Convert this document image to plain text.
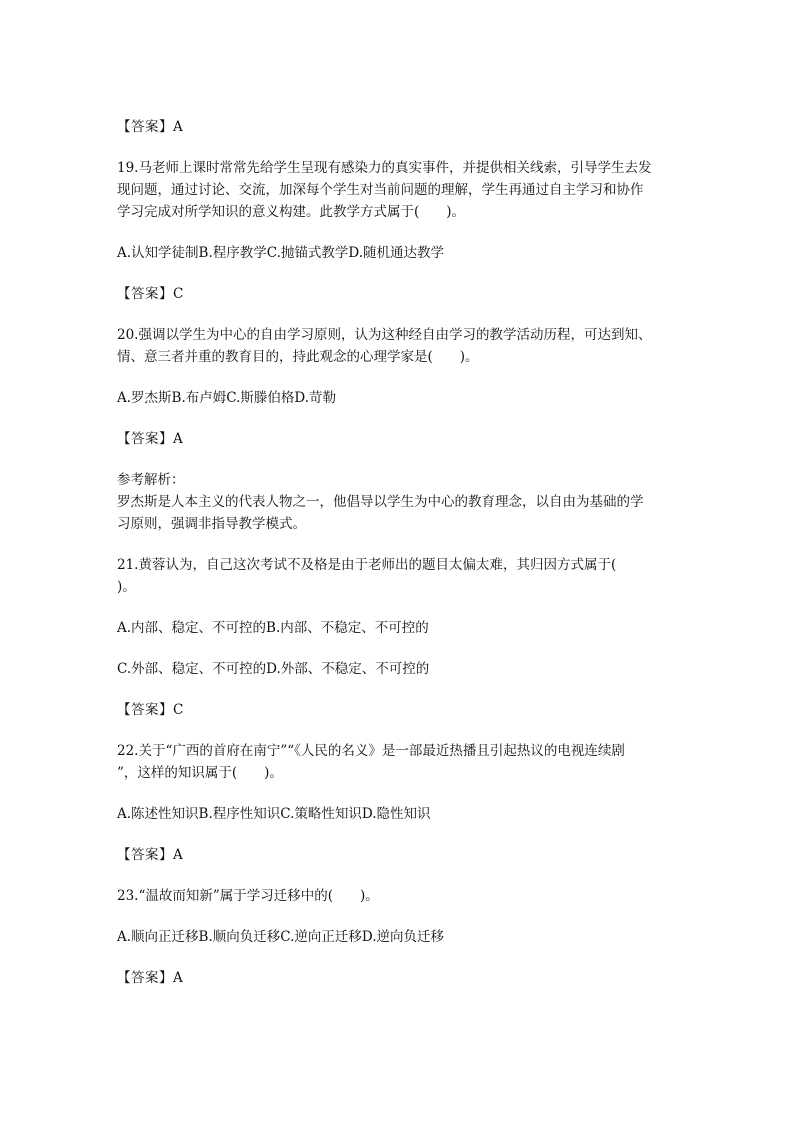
【答案】A
19.马老师上课时常常先给学生呈现有感染力的真实事件，并提供相关线索，引导学生去发
现问题，通过讨论、交流，加深每个学生对当前问题的理解，学生再通过自主学习和协作
学习完成对所学知识的意义构建。此教学方式属于(　　)。
A.认知学徒制B.程序教学C.抛锚式教学D.随机通达教学
【答案】C
20.强调以学生为中心的自由学习原则，认为这种经自由学习的教学活动历程，可达到知、
情、意三者并重的教育目的，持此观念的心理学家是(　　)。
A.罗杰斯B.布卢姆C.斯滕伯格D.苛勒
【答案】A
参考解析：
罗杰斯是人本主义的代表人物之一，他倡导以学生为中心的教育理念，以自由为基础的学
习原则，强调非指导教学模式。
21.黄蓉认为，自己这次考试不及格是由于老师出的题目太偏太难，其归因方式属于(
)。
A.内部、稳定、不可控的B.内部、不稳定、不可控的
C.外部、稳定、不可控的D.外部、不稳定、不可控的
【答案】C
22.关于“广西的首府在南宁”“《人民的名义》是一部最近热播且引起热议的电视连续剧
”，这样的知识属于(　　)。
A.陈述性知识B.程序性知识C.策略性知识D.隐性知识
【答案】A
23.“温故而知新”属于学习迁移中的(　　)。
A.顺向正迁移B.顺向负迁移C.逆向正迁移D.逆向负迁移
【答案】A
